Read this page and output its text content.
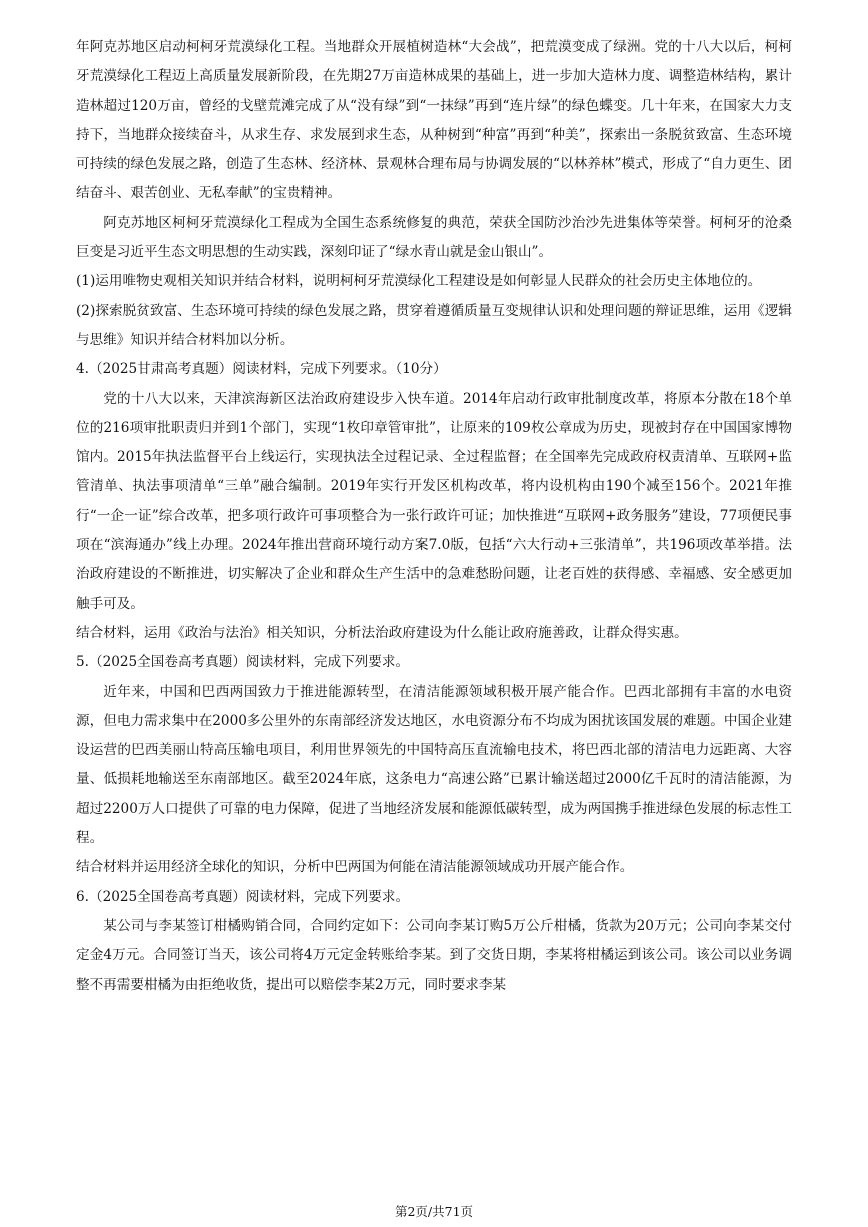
年阿克苏地区启动柯柯牙荒漠绿化工程。当地群众开展植树造林“大会战”，把荒漠变成了绿洲。党的十八大以后，柯柯牙荒漠绿化工程迈上高质量发展新阶段，在先期27万亩造林成果的基础上，进一步加大造林力度、调整造林结构，累计造林超过120万亩，曾经的戈壁荒滩完成了从“没有绿”到“一抹绿”再到“连片绿”的绿色蝶变。几十年来，在国家大力支持下，当地群众接续奋斗，从求生存、求发展到求生态，从种树到“种富”再到“种美”，探索出一条脱贫致富、生态环境可持续的绿色发展之路，创造了生态林、经济林、景观林合理布局与协调发展的“以林养林”模式，形成了“自力更生、团结奋斗、艰苦创业、无私奉献”的宝贵精神。

阿克苏地区柯柯牙荒漠绿化工程成为全国生态系统修复的典范，荣获全国防沙治沙先进集体等荣誉。柯柯牙的沧桑巨变是习近平生态文明思想的生动实践，深刻印证了“绿水青山就是金山银山”。

(1)运用唯物史观相关知识并结合材料，说明柯柯牙荒漠绿化工程建设是如何彰显人民群众的社会历史主体地位的。

(2)探索脱贫致富、生态环境可持续的绿色发展之路，贯穿着遵循质量互变规律认识和处理问题的辩证思维，运用《逻辑与思维》知识并结合材料加以分析。

4.（2025甘肃高考真题）阅读材料，完成下列要求。（10分）

党的十八大以来，天津滨海新区法治政府建设步入快车道。2014年启动行政审批制度改革，将原本分散在18个单位的216项审批职责归并到1个部门，实现“1枚印章管审批”，让原来的109枚公章成为历史，现被封存在中国国家博物馆内。2015年执法监督平台上线运行，实现执法全过程记录、全过程监督；在全国率先完成政府权责清单、互联网+监管清单、执法事项清单“三单”融合编制。2019年实行开发区机构改革，将内设机构由190个减至156个。2021年推行“一企一证”综合改革，把多项行政许可事项整合为一张行政许可证；加快推进“互联网+政务服务”建设，77项便民事项在“滨海通办”线上办理。2024年推出营商环境行动方案7.0版，包括“六大行动+三张清单”，共196项改革举措。法治政府建设的不断推进，切实解决了企业和群众生产生活中的急难愁盼问题，让老百姓的获得感、幸福感、安全感更加触手可及。

结合材料，运用《政治与法治》相关知识，分析法治政府建设为什么能让政府施善政，让群众得实惠。

5.（2025全国卷高考真题）阅读材料，完成下列要求。

近年来，中国和巴西两国致力于推进能源转型，在清洁能源领域积极开展产能合作。巴西北部拥有丰富的水电资源，但电力需求集中在2000多公里外的东南部经济发达地区，水电资源分布不均成为困扰该国发展的难题。中国企业建设运营的巴西美丽山特高压输电项目，利用世界领先的中国特高压直流输电技术，将巴西北部的清洁电力远距离、大容量、低损耗地输送至东南部地区。截至2024年底，这条电力“高速公路”已累计输送超过2000亿千瓦时的清洁能源，为超过2200万人口提供了可靠的电力保障，促进了当地经济发展和能源低碳转型，成为两国携手推进绿色发展的标志性工程。

结合材料并运用经济全球化的知识，分析中巴两国为何能在清洁能源领域成功开展产能合作。

6.（2025全国卷高考真题）阅读材料，完成下列要求。

某公司与李某签订柑橘购销合同，合同约定如下：公司向李某订购5万公斤柑橘，货款为20万元；公司向李某交付定金4万元。合同签订当天，该公司将4万元定金转账给李某。到了交货日期，李某将柑橘运到该公司。该公司以业务调整不再需要柑橘为由拒绝收货，提出可以赔偿李某2万元，同时要求李某

第2页/共71页
